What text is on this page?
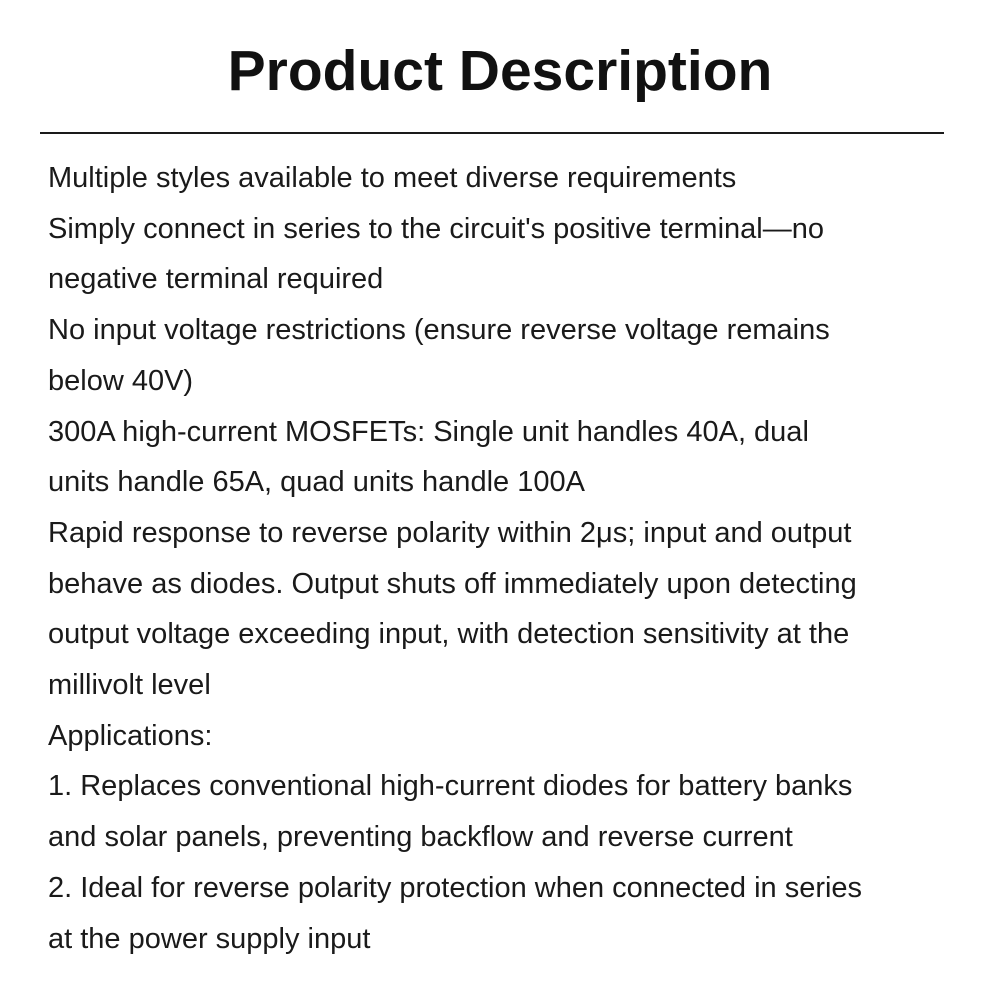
Product Description
Multiple styles available to meet diverse requirements
Simply connect in series to the circuit's positive terminal—no
negative terminal required
No input voltage restrictions (ensure reverse voltage remains
below 40V)
300A high-current MOSFETs: Single unit handles 40A, dual
units handle 65A, quad units handle 100A
Rapid response to reverse polarity within 2μs; input and output
behave as diodes. Output shuts off immediately upon detecting
output voltage exceeding input, with detection sensitivity at the
millivolt level
Applications:
1. Replaces conventional high-current diodes for battery banks
and solar panels, preventing backflow and reverse current
2. Ideal for reverse polarity protection when connected in series
at the power supply input
